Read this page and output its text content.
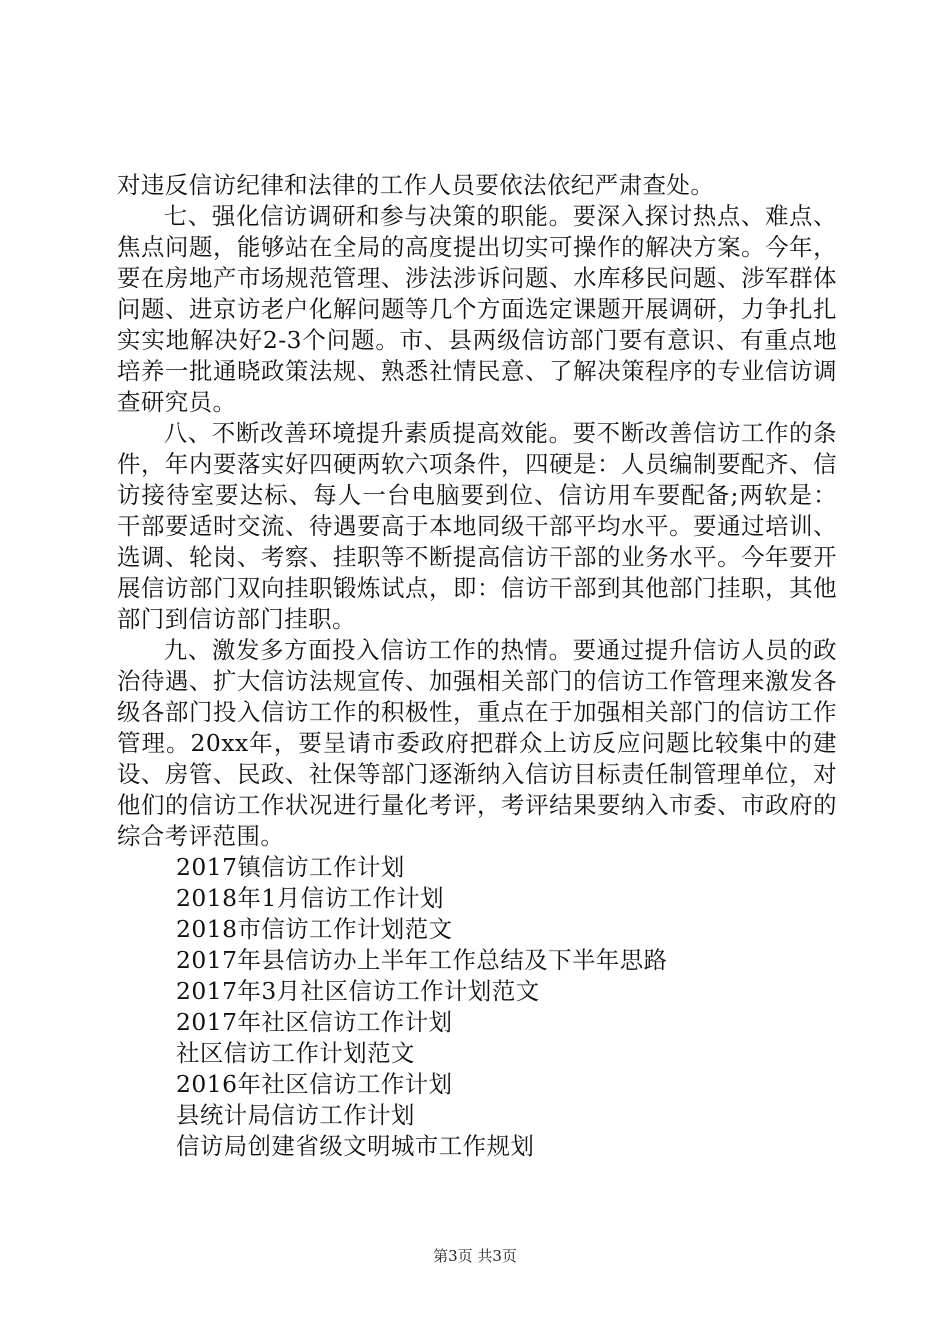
对违反信访纪律和法律的工作人员要依法依纪严肃查处。

七、强化信访调研和参与决策的职能。要深入探讨热点、难点、焦点问题，能够站在全局的高度提出切实可操作的解决方案。今年，要在房地产市场规范管理、涉法涉诉问题、水库移民问题、涉军群体问题、进京访老户化解问题等几个方面选定课题开展调研，力争扎扎实实地解决好2-3个问题。市、县两级信访部门要有意识、有重点地培养一批通晓政策法规、熟悉社情民意、了解决策程序的专业信访调查研究员。

八、不断改善环境提升素质提高效能。要不断改善信访工作的条件，年内要落实好四硬两软六项条件，四硬是：人员编制要配齐、信访接待室要达标、每人一台电脑要到位、信访用车要配备;两软是：干部要适时交流、待遇要高于本地同级干部平均水平。要通过培训、选调、轮岗、考察、挂职等不断提高信访干部的业务水平。今年要开展信访部门双向挂职锻炼试点，即：信访干部到其他部门挂职，其他部门到信访部门挂职。

九、激发多方面投入信访工作的热情。要通过提升信访人员的政治待遇、扩大信访法规宣传、加强相关部门的信访工作管理来激发各级各部门投入信访工作的积极性，重点在于加强相关部门的信访工作管理。20xx年，要呈请市委政府把群众上访反应问题比较集中的建设、房管、民政、社保等部门逐渐纳入信访目标责任制管理单位，对他们的信访工作状况进行量化考评，考评结果要纳入市委、市政府的综合考评范围。

2017镇信访工作计划
2018年1月信访工作计划
2018市信访工作计划范文
2017年县信访办上半年工作总结及下半年思路
2017年3月社区信访工作计划范文
2017年社区信访工作计划
社区信访工作计划范文
2016年社区信访工作计划
县统计局信访工作计划
信访局创建省级文明城市工作规划
第3页 共3页
